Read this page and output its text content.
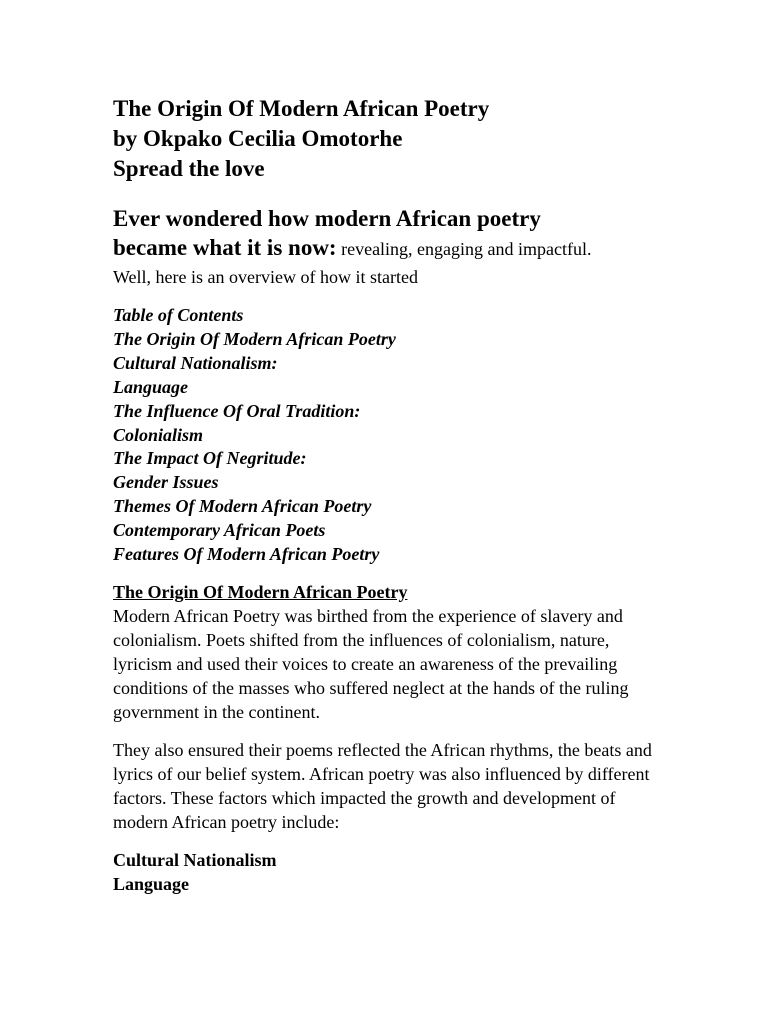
The Origin Of Modern African Poetry
by Okpako Cecilia Omotorhe
Spread the love
Ever wondered how modern African poetry
became what it is now: revealing, engaging and impactful.
Well, here is an overview of how it started
Table of Contents
The Origin Of Modern African Poetry
Cultural Nationalism:
Language
The Influence Of Oral Tradition:
Colonialism
The Impact Of Negritude:
Gender Issues
Themes Of Modern African Poetry
Contemporary African Poets
Features Of Modern African Poetry
The Origin Of Modern African Poetry
Modern African Poetry was birthed from the experience of slavery and colonialism. Poets shifted from the influences of colonialism, nature, lyricism and used their voices to create an awareness of the prevailing conditions of the masses who suffered neglect at the hands of the ruling government in the continent.
They also ensured their poems reflected the African rhythms, the beats and lyrics of our belief system. African poetry was also influenced by different factors. These factors which impacted the growth and development of modern African poetry include:
Cultural Nationalism
Language
